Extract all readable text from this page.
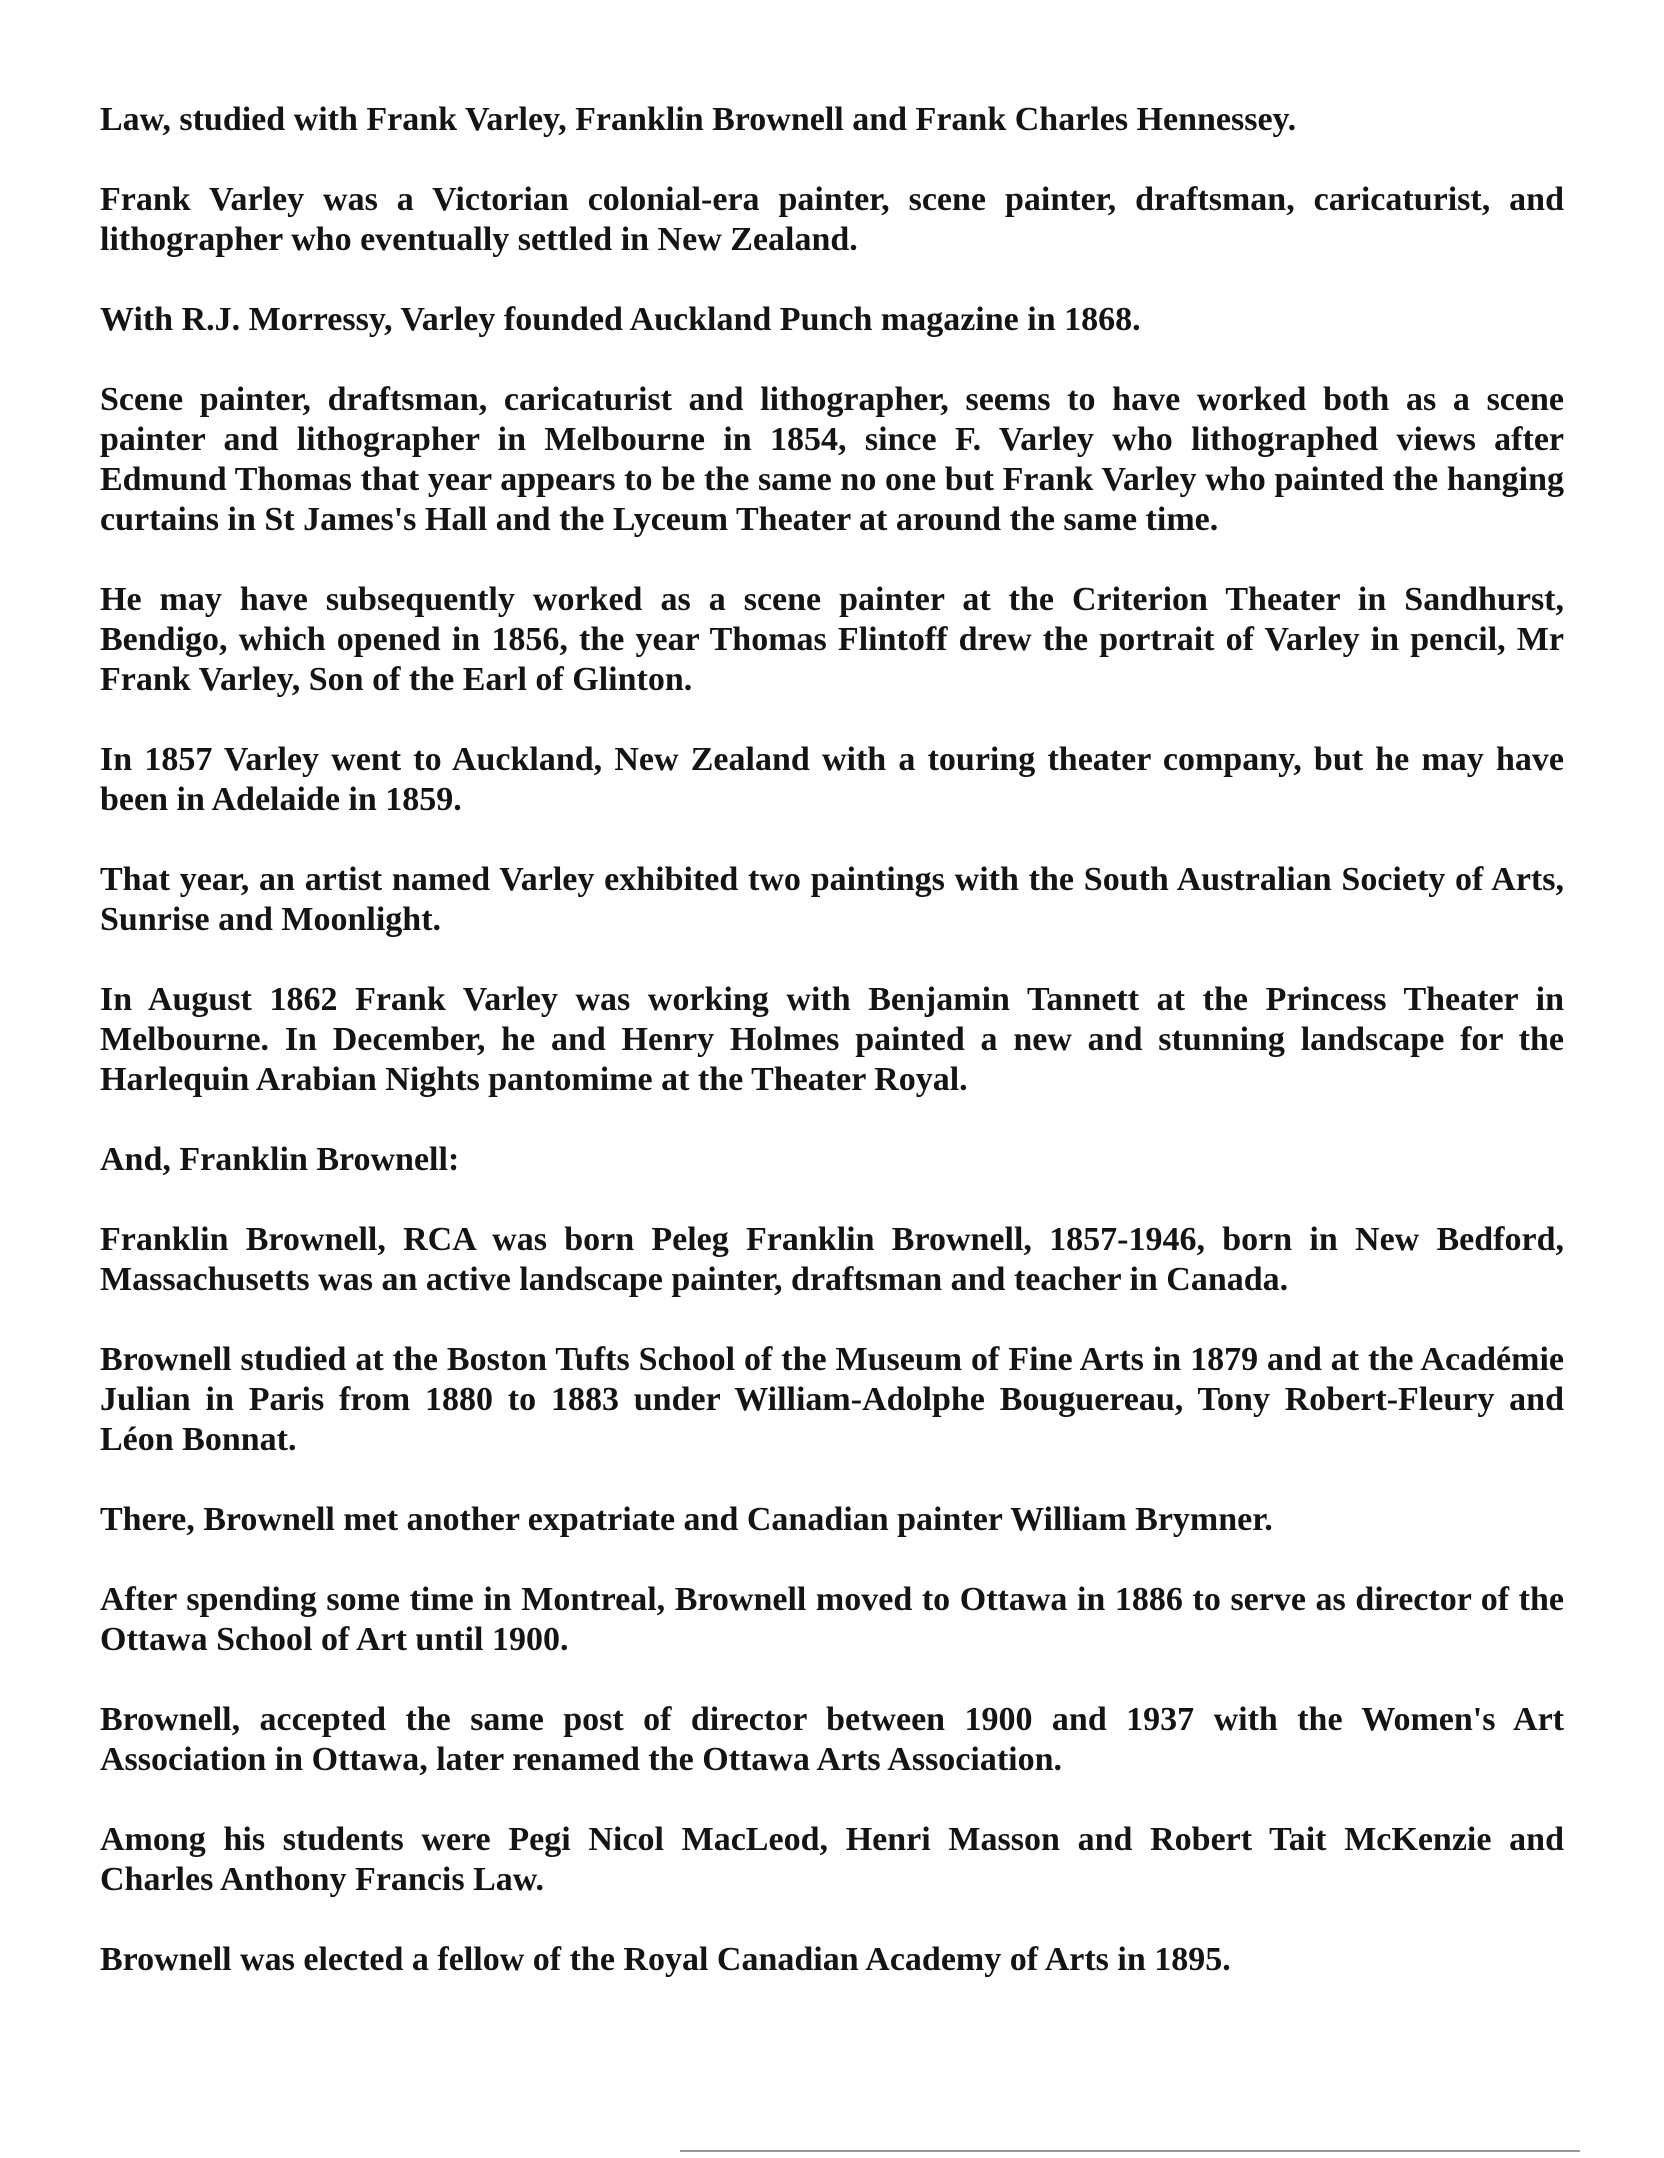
Law, studied with Frank Varley, Franklin Brownell and Frank Charles Hennessey.

Frank Varley was a Victorian colonial-era painter, scene painter, draftsman, caricaturist, and lithographer who eventually settled in New Zealand.

With R.J. Morressy, Varley founded Auckland Punch magazine in 1868.

Scene painter, draftsman, caricaturist and lithographer, seems to have worked both as a scene painter and lithographer in Melbourne in 1854, since F. Varley who lithographed views after Edmund Thomas that year appears to be the same no one but Frank Varley who painted the hanging curtains in St James's Hall and the Lyceum Theater at around the same time.

He may have subsequently worked as a scene painter at the Criterion Theater in Sandhurst, Bendigo, which opened in 1856, the year Thomas Flintoff drew the portrait of Varley in pencil, Mr Frank Varley, Son of the Earl of Glinton.

In 1857 Varley went to Auckland, New Zealand with a touring theater company, but he may have been in Adelaide in 1859.

That year, an artist named Varley exhibited two paintings with the South Australian Society of Arts, Sunrise and Moonlight.

In August 1862 Frank Varley was working with Benjamin Tannett at the Princess Theater in Melbourne. In December, he and Henry Holmes painted a new and stunning landscape for the Harlequin Arabian Nights pantomime at the Theater Royal.

And, Franklin Brownell:

Franklin Brownell, RCA was born Peleg Franklin Brownell, 1857-1946, born in New Bedford, Massachusetts was an active landscape painter, draftsman and teacher in Canada.

Brownell studied at the Boston Tufts School of the Museum of Fine Arts in 1879 and at the Académie Julian in Paris from 1880 to 1883 under William-Adolphe Bouguereau, Tony Robert-Fleury and Léon Bonnat.

There, Brownell met another expatriate and Canadian painter William Brymner.

After spending some time in Montreal, Brownell moved to Ottawa in 1886 to serve as director of the Ottawa School of Art until 1900.

Brownell, accepted the same post of director between 1900 and 1937 with the Women's Art Association in Ottawa, later renamed the Ottawa Arts Association.

Among his students were Pegi Nicol MacLeod, Henri Masson and Robert Tait McKenzie and Charles Anthony Francis Law.

Brownell was elected a fellow of the Royal Canadian Academy of Arts in 1895.
